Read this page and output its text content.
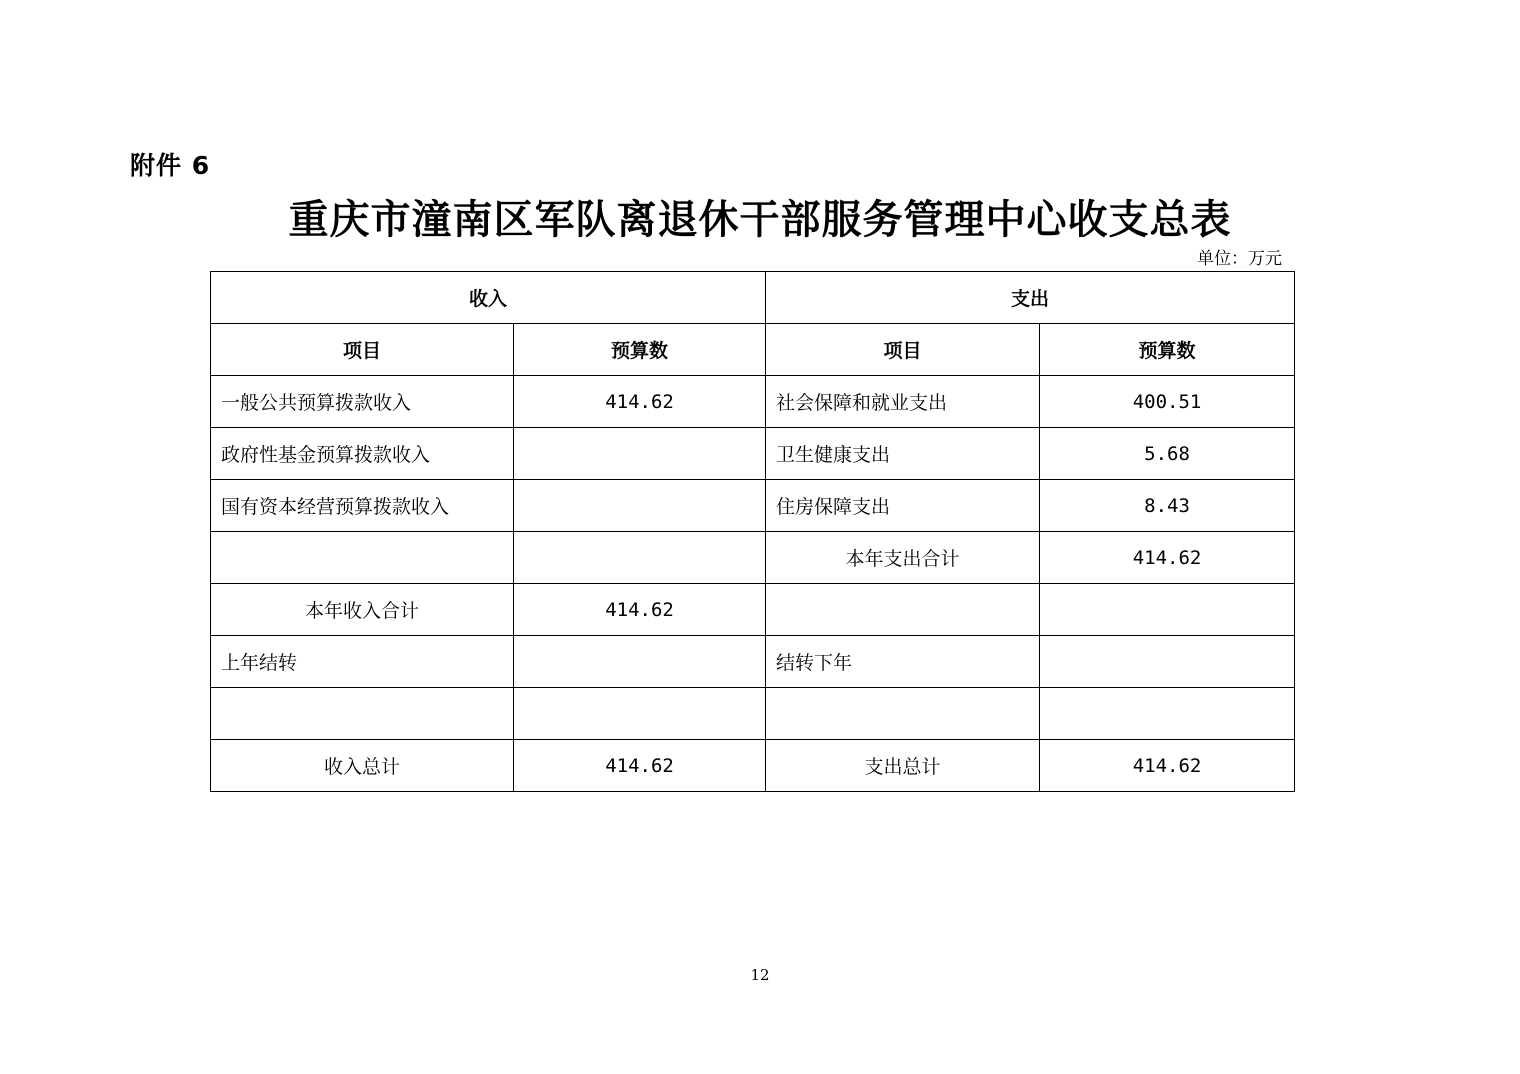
附件 6
重庆市潼南区军队离退休干部服务管理中心收支总表
单位：万元
收入		支出	
项目	预算数	项目	预算数
一般公共预算拨款收入	414.62	社会保障和就业支出	400.51
政府性基金预算拨款收入		卫生健康支出	5.68
国有资本经营预算拨款收入		住房保障支出	8.43
		本年支出合计	414.62
本年收入合计	414.62		
上年结转		结转下年	

收入总计	414.62	支出总计	414.62
12
